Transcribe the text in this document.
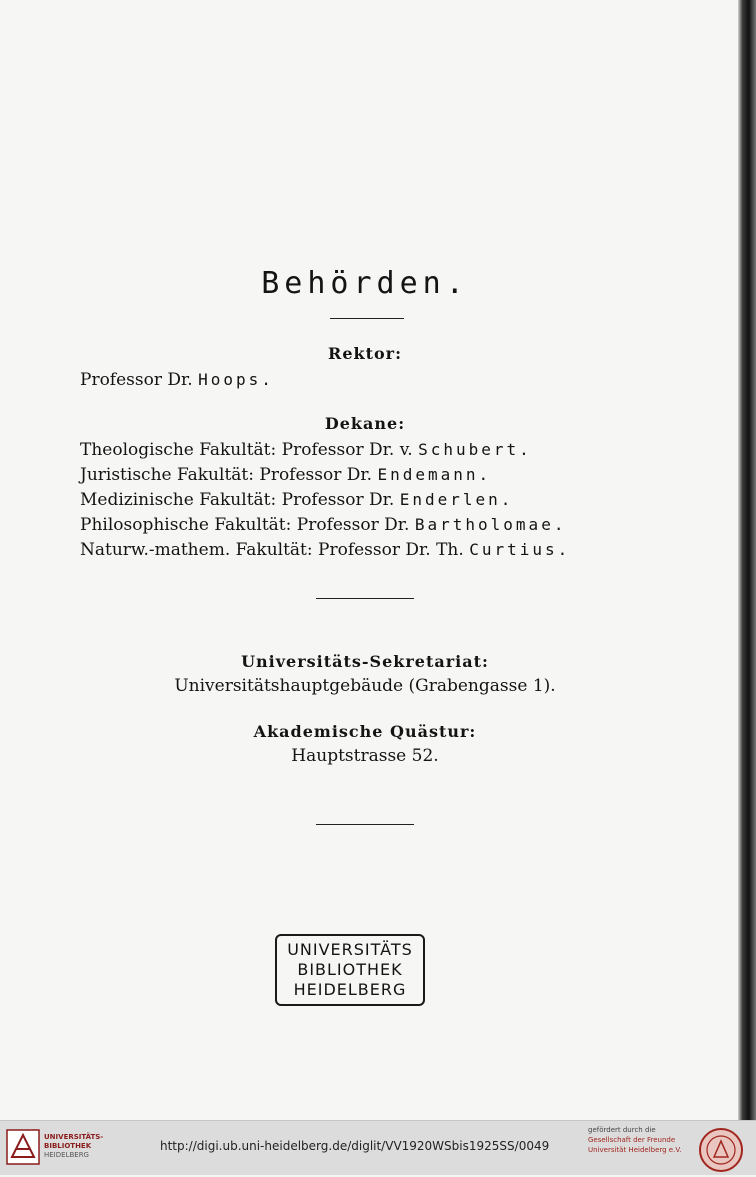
Behörden.
Rektor:
Professor Dr. Hoops.
Dekane:
Theologische Fakultät: Professor Dr. v. Schubert.
Juristische Fakultät: Professor Dr. Endemann.
Medizinische Fakultät: Professor Dr. Enderlen.
Philosophische Fakultät: Professor Dr. Bartholomae.
Naturw.-mathem. Fakultät: Professor Dr. Th. Curtius.
Universitäts-Sekretariat:
Universitätshauptgebäude (Grabengasse 1).
Akademische Quästur:
Hauptstrasse 52.
UNIVERSITÄTS
BIBLIOTHEK
HEIDELBERG
UNIVERSITÄTS-
BIBLIOTHEK
HEIDELBERG
http://digi.ub.uni-heidelberg.de/diglit/VV1920WSbis1925SS/0049
gefördert durch die
Gesellschaft der Freunde
Universität Heidelberg e.V.
